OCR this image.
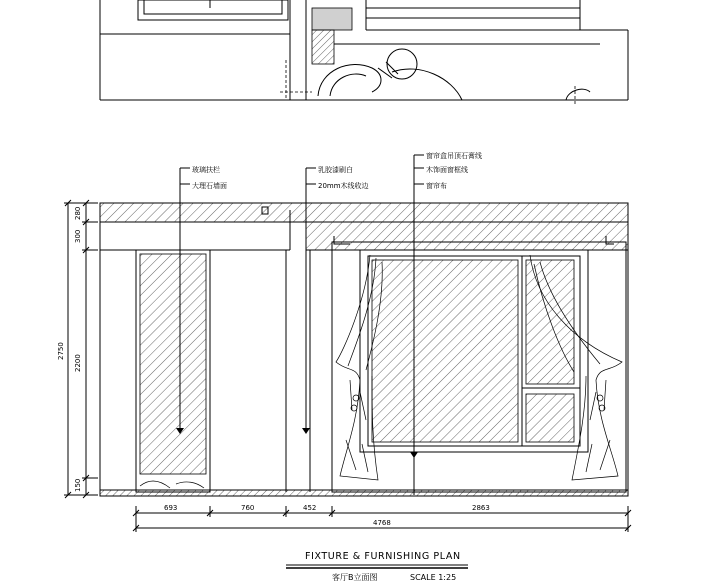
玻璃扶栏
大理石墙面
乳胶漆刷白
20mm木线收边
窗帘盒吊顶石膏线
木饰面窗框线
窗帘布
280
300
2200
2750
150
693	760	452	2863
4768
FIXTURE & FURNISHING PLAN
客厅B立面图	SCALE 1:25
